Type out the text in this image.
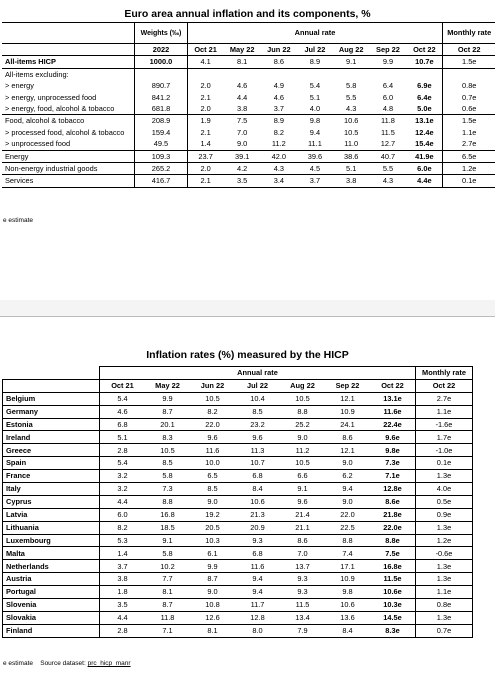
Euro area annual inflation and its components, %
	Weights (‰)	Annual rate							Monthly rate
	2022	Oct 21	May 22	Jun 22	Jul 22	Aug 22	Sep 22	Oct 22	Oct 22
All-items HICP	1000.0	4.1	8.1	8.6	8.9	9.1	9.9	10.7e	1.5e
All-items excluding:									
> energy	890.7	2.0	4.6	4.9	5.4	5.8	6.4	6.9e	0.8e
> energy, unprocessed food	841.2	2.1	4.4	4.6	5.1	5.5	6.0	6.4e	0.7e
> energy, food, alcohol & tobacco	681.8	2.0	3.8	3.7	4.0	4.3	4.8	5.0e	0.6e
Food, alcohol & tobacco	208.9	1.9	7.5	8.9	9.8	10.6	11.8	13.1e	1.5e
> processed food, alcohol & tobacco	159.4	2.1	7.0	8.2	9.4	10.5	11.5	12.4e	1.1e
> unprocessed food	49.5	1.4	9.0	11.2	11.1	11.0	12.7	15.4e	2.7e
Energy	109.3	23.7	39.1	42.0	39.6	38.6	40.7	41.9e	6.5e
Non-energy industrial goods	265.2	2.0	4.2	4.3	4.5	5.1	5.5	6.0e	1.2e
Services	416.7	2.1	3.5	3.4	3.7	3.8	4.3	4.4e	0.1e
e estimate
Inflation rates (%) measured by the HICP
	Annual rate							Monthly rate
	Oct 21	May 22	Jun 22	Jul 22	Aug 22	Sep 22	Oct 22	Oct 22
Belgium	5.4	9.9	10.5	10.4	10.5	12.1	13.1e	2.7e
Germany	4.6	8.7	8.2	8.5	8.8	10.9	11.6e	1.1e
Estonia	6.8	20.1	22.0	23.2	25.2	24.1	22.4e	-1.6e
Ireland	5.1	8.3	9.6	9.6	9.0	8.6	9.6e	1.7e
Greece	2.8	10.5	11.6	11.3	11.2	12.1	9.8e	-1.0e
Spain	5.4	8.5	10.0	10.7	10.5	9.0	7.3e	0.1e
France	3.2	5.8	6.5	6.8	6.6	6.2	7.1e	1.3e
Italy	3.2	7.3	8.5	8.4	9.1	9.4	12.8e	4.0e
Cyprus	4.4	8.8	9.0	10.6	9.6	9.0	8.6e	0.5e
Latvia	6.0	16.8	19.2	21.3	21.4	22.0	21.8e	0.9e
Lithuania	8.2	18.5	20.5	20.9	21.1	22.5	22.0e	1.3e
Luxembourg	5.3	9.1	10.3	9.3	8.6	8.8	8.8e	1.2e
Malta	1.4	5.8	6.1	6.8	7.0	7.4	7.5e	-0.6e
Netherlands	3.7	10.2	9.9	11.6	13.7	17.1	16.8e	1.3e
Austria	3.8	7.7	8.7	9.4	9.3	10.9	11.5e	1.3e
Portugal	1.8	8.1	9.0	9.4	9.3	9.8	10.6e	1.1e
Slovenia	3.5	8.7	10.8	11.7	11.5	10.6	10.3e	0.8e
Slovakia	4.4	11.8	12.6	12.8	13.4	13.6	14.5e	1.3e
Finland	2.8	7.1	8.1	8.0	7.9	8.4	8.3e	0.7e
e estimate Source dataset: prc_hicp_manr
